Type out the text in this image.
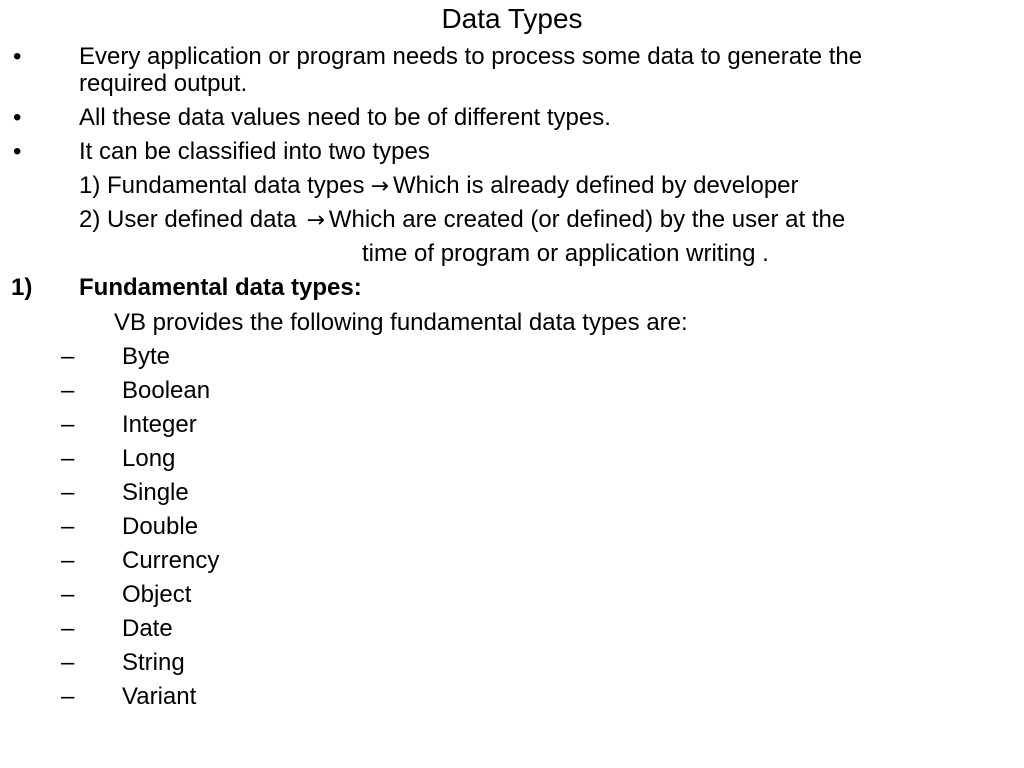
Data Types
• Every application or program needs to process some data to generate the
required output.
• All these data values need to be of different types.
• It can be classified into two types
1) Fundamental data types → Which is already defined by developer
2) User defined data → Which are created (or defined) by the user at the
time of program or application writing .
1) Fundamental data types:
VB provides the following fundamental data types are:
– Byte
– Boolean
– Integer
– Long
– Single
– Double
– Currency
– Object
– Date
– String
– Variant
